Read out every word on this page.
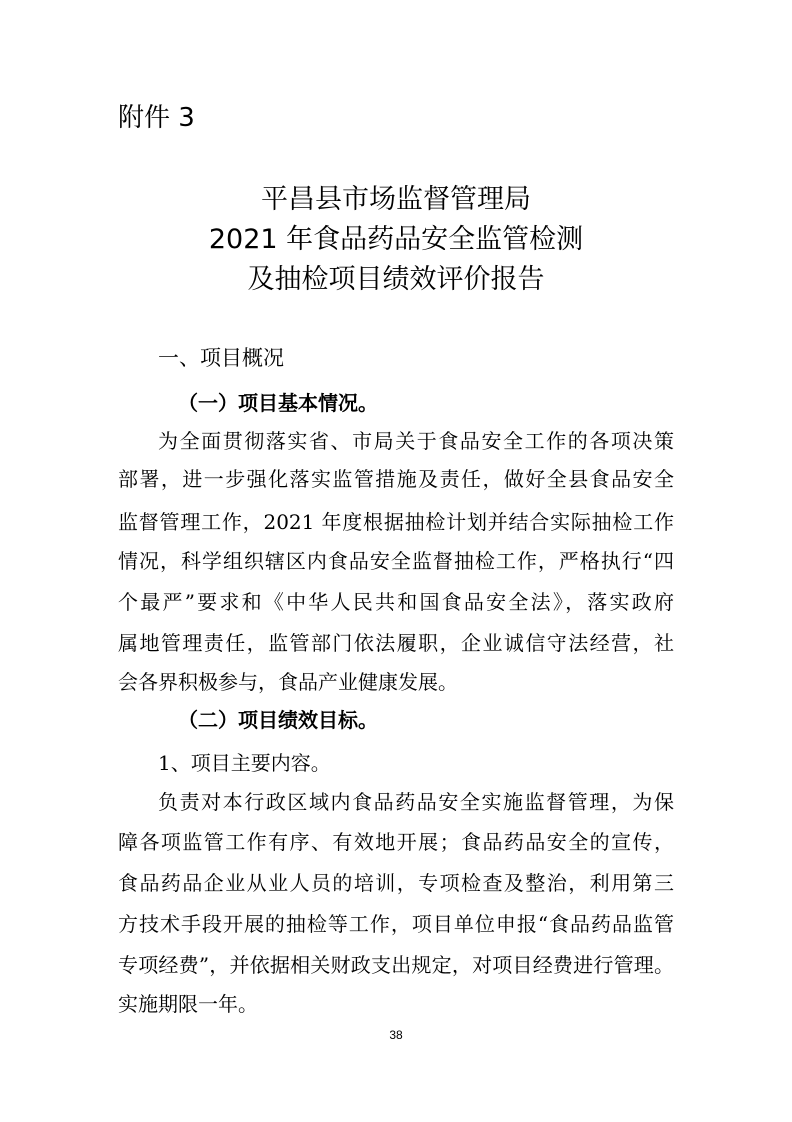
附件 3
平昌县市场监督管理局
2021 年食品药品安全监管检测
及抽检项目绩效评价报告
一、项目概况
（一）项目基本情况。
为全面贯彻落实省、市局关于食品安全工作的各项决策
部署，进一步强化落实监管措施及责任，做好全县食品安全
监督管理工作，2021 年度根据抽检计划并结合实际抽检工作
情况，科学组织辖区内食品安全监督抽检工作，严格执行“四
个最严”要求和《中华人民共和国食品安全法》，落实政府
属地管理责任，监管部门依法履职，企业诚信守法经营，社
会各界积极参与，食品产业健康发展。
（二）项目绩效目标。
1、项目主要内容。
负责对本行政区域内食品药品安全实施监督管理，为保
障各项监管工作有序、有效地开展；食品药品安全的宣传，
食品药品企业从业人员的培训，专项检查及整治，利用第三
方技术手段开展的抽检等工作，项目单位申报“食品药品监管
专项经费”，并依据相关财政支出规定，对项目经费进行管理。
实施期限一年。
38
